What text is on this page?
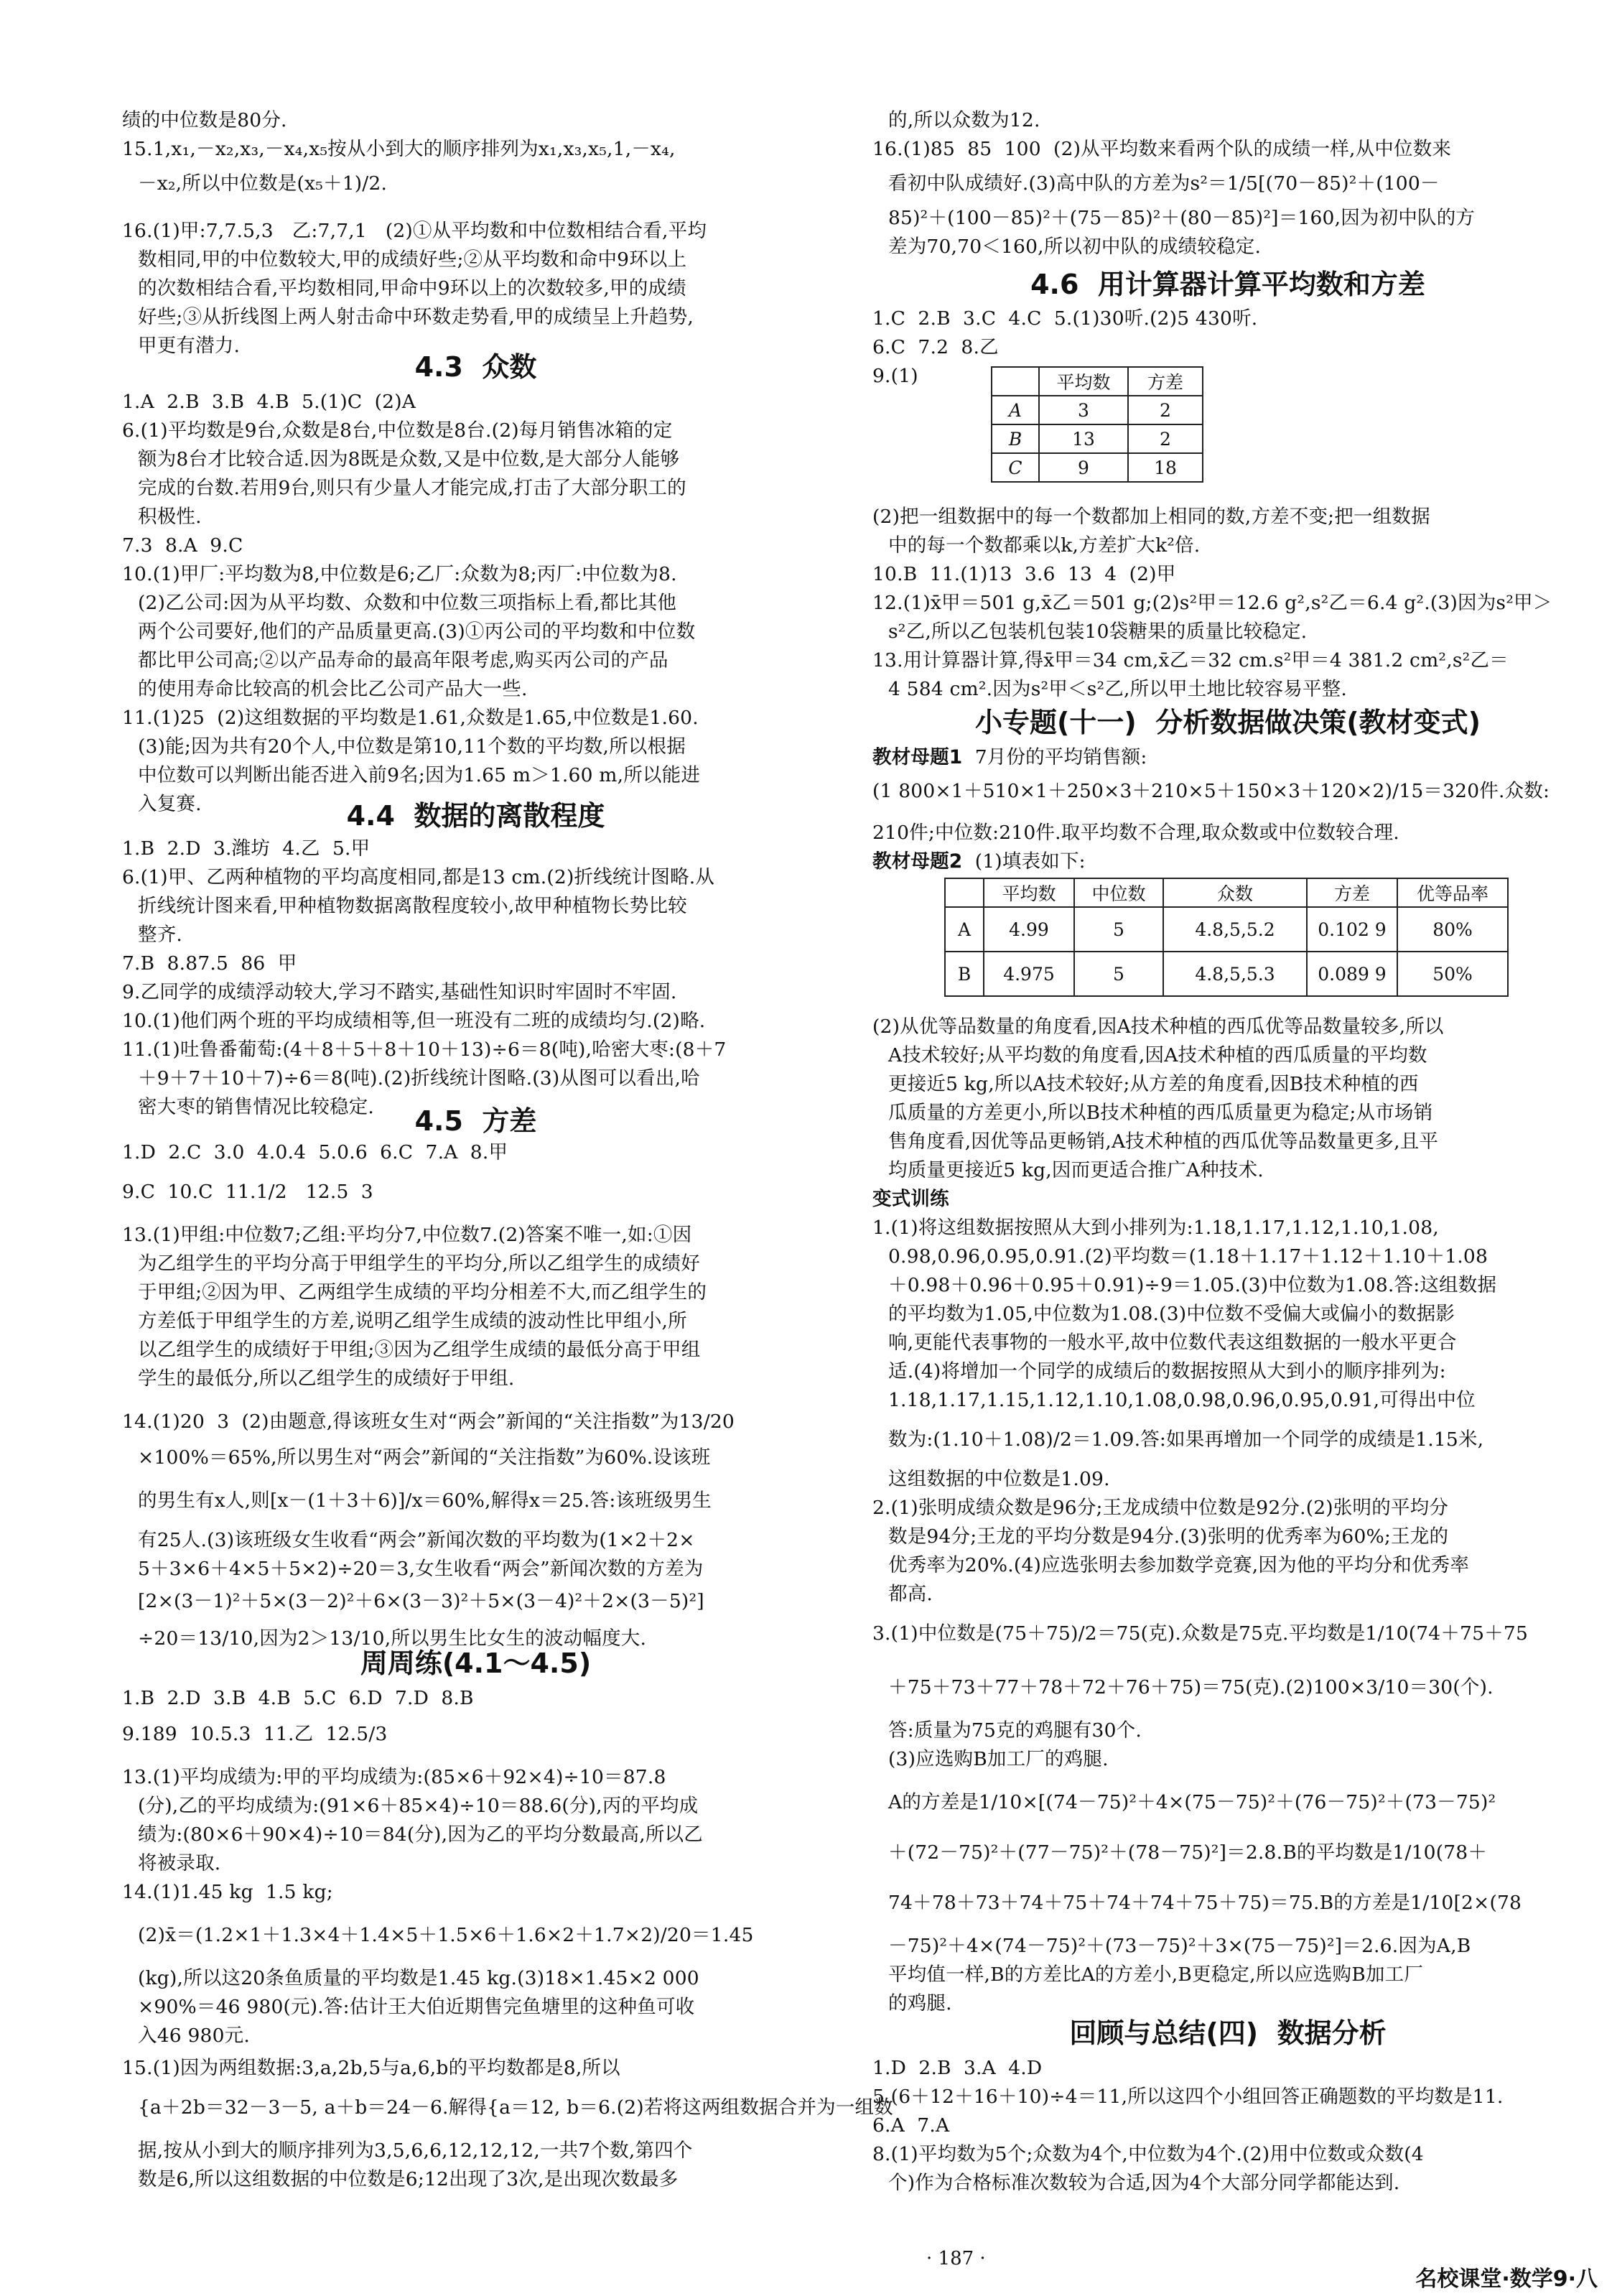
绩的中位数是80分.
15.1,x₁,－x₂,x₃,－x₄,x₅按从小到大的顺序排列为x₁,x₃,x₅,1,－x₄,
－x₂,所以中位数是(x₅＋1)/2.
16.(1)甲:7,7.5,3   乙:7,7,1   (2)①从平均数和中位数相结合看,平均
数相同,甲的中位数较大,甲的成绩好些;②从平均数和命中9环以上
的次数相结合看,平均数相同,甲命中9环以上的次数较多,甲的成绩
好些;③从折线图上两人射击命中环数走势看,甲的成绩呈上升趋势,
甲更有潜力.
4.3  众数
1.A  2.B  3.B  4.B  5.(1)C  (2)A
6.(1)平均数是9台,众数是8台,中位数是8台.(2)每月销售冰箱的定
额为8台才比较合适.因为8既是众数,又是中位数,是大部分人能够
完成的台数.若用9台,则只有少量人才能完成,打击了大部分职工的
积极性.
7.3  8.A  9.C
10.(1)甲厂:平均数为8,中位数是6;乙厂:众数为8;丙厂:中位数为8.
(2)乙公司:因为从平均数、众数和中位数三项指标上看,都比其他
两个公司要好,他们的产品质量更高.(3)①丙公司的平均数和中位数
都比甲公司高;②以产品寿命的最高年限考虑,购买丙公司的产品
的使用寿命比较高的机会比乙公司产品大一些.
11.(1)25  (2)这组数据的平均数是1.61,众数是1.65,中位数是1.60.
(3)能;因为共有20个人,中位数是第10,11个数的平均数,所以根据
中位数可以判断出能否进入前9名;因为1.65 m＞1.60 m,所以能进
入复赛.	4.4  数据的离散程度
1.B  2.D  3.潍坊  4.乙  5.甲
6.(1)甲、乙两种植物的平均高度相同,都是13 cm.(2)折线统计图略.从
折线统计图来看,甲种植物数据离散程度较小,故甲种植物长势比较
整齐.
7.B  8.87.5  86  甲
9.乙同学的成绩浮动较大,学习不踏实,基础性知识时牢固时不牢固.
10.(1)他们两个班的平均成绩相等,但一班没有二班的成绩均匀.(2)略.
11.(1)吐鲁番葡萄:(4＋8＋5＋8＋10＋13)÷6＝8(吨),哈密大枣:(8＋7
＋9＋7＋10＋7)÷6＝8(吨).(2)折线统计图略.(3)从图可以看出,哈
密大枣的销售情况比较稳定.	4.5  方差
1.D  2.C  3.0  4.0.4  5.0.6  6.C  7.A  8.甲
9.C  10.C  11.1/2   12.5  3
13.(1)甲组:中位数7;乙组:平均分7,中位数7.(2)答案不唯一,如:①因
为乙组学生的平均分高于甲组学生的平均分,所以乙组学生的成绩好
于甲组;②因为甲、乙两组学生成绩的平均分相差不大,而乙组学生的
方差低于甲组学生的方差,说明乙组学生成绩的波动性比甲组小,所
以乙组学生的成绩好于甲组;③因为乙组学生成绩的最低分高于甲组
学生的最低分,所以乙组学生的成绩好于甲组.
14.(1)20  3  (2)由题意,得该班女生对“两会”新闻的“关注指数”为13/20
×100%＝65%,所以男生对“两会”新闻的“关注指数”为60%.设该班
的男生有x人,则[x－(1＋3＋6)]/x＝60%,解得x＝25.答:该班级男生
有25人.(3)该班级女生收看“两会”新闻次数的平均数为(1×2＋2×
5＋3×6＋4×5＋5×2)÷20＝3,女生收看“两会”新闻次数的方差为
[2×(3－1)²＋5×(3－2)²＋6×(3－3)²＋5×(3－4)²＋2×(3－5)²]
÷20＝13/10,因为2＞13/10,所以男生比女生的波动幅度大.
周周练(4.1～4.5)
1.B  2.D  3.B  4.B  5.C  6.D  7.D  8.B
9.189  10.5.3  11.乙  12.5/3
13.(1)平均成绩为:甲的平均成绩为:(85×6＋92×4)÷10＝87.8
(分),乙的平均成绩为:(91×6＋85×4)÷10＝88.6(分),丙的平均成
绩为:(80×6＋90×4)÷10＝84(分),因为乙的平均分数最高,所以乙
将被录取.
14.(1)1.45 kg  1.5 kg;
(2)x̄＝(1.2×1＋1.3×4＋1.4×5＋1.5×6＋1.6×2＋1.7×2)/20＝1.45
(kg),所以这20条鱼质量的平均数是1.45 kg.(3)18×1.45×2 000
×90%＝46 980(元).答:估计王大伯近期售完鱼塘里的这种鱼可收
入46 980元.
15.(1)因为两组数据:3,a,2b,5与a,6,b的平均数都是8,所以
{a＋2b＝32－3－5, a＋b＝24－6.解得{a＝12, b＝6.(2)若将这两组数据合并为一组数
据,按从小到大的顺序排列为3,5,6,6,12,12,12,一共7个数,第四个
数是6,所以这组数据的中位数是6;12出现了3次,是出现次数最多
的,所以众数为12.
16.(1)85  85  100  (2)从平均数来看两个队的成绩一样,从中位数来
看初中队成绩好.(3)高中队的方差为s²＝1/5[(70－85)²＋(100－
85)²＋(100－85)²＋(75－85)²＋(80－85)²]＝160,因为初中队的方
差为70,70＜160,所以初中队的成绩较稳定.
4.6  用计算器计算平均数和方差
1.C  2.B  3.C  4.C  5.(1)30听.(2)5 430听.
6.C  7.2  8.乙
9.(1)
		平均数	方差
A	3	2
B	13	2
C	9	18
(2)把一组数据中的每一个数都加上相同的数,方差不变;把一组数据
中的每一个数都乘以k,方差扩大k²倍.
10.B  11.(1)13  3.6  13  4  (2)甲
12.(1)x̄甲＝501 g,x̄乙＝501 g;(2)s²甲＝12.6 g²,s²乙＝6.4 g².(3)因为s²甲＞
s²乙,所以乙包装机包装10袋糖果的质量比较稳定.
13.用计算器计算,得x̄甲＝34 cm,x̄乙＝32 cm.s²甲＝4 381.2 cm²,s²乙＝
4 584 cm².因为s²甲＜s²乙,所以甲土地比较容易平整.
小专题(十一)  分析数据做决策(教材变式)
教材母题1  7月份的平均销售额:
(1 800×1＋510×1＋250×3＋210×5＋150×3＋120×2)/15＝320件.众数:
210件;中位数:210件.取平均数不合理,取众数或中位数较合理.
教材母题2  (1)填表如下:
	平均数	中位数	众数	方差	优等品率
A	4.99	5	4.8,5,5.2	0.102 9	80%
B	4.975	5	4.8,5,5.3	0.089 9	50%
(2)从优等品数量的角度看,因A技术种植的西瓜优等品数量较多,所以
A技术较好;从平均数的角度看,因A技术种植的西瓜质量的平均数
更接近5 kg,所以A技术较好;从方差的角度看,因B技术种植的西
瓜质量的方差更小,所以B技术种植的西瓜质量更为稳定;从市场销
售角度看,因优等品更畅销,A技术种植的西瓜优等品数量更多,且平
均质量更接近5 kg,因而更适合推广A种技术.
变式训练
1.(1)将这组数据按照从大到小排列为:1.18,1.17,1.12,1.10,1.08,
0.98,0.96,0.95,0.91.(2)平均数＝(1.18＋1.17＋1.12＋1.10＋1.08
＋0.98＋0.96＋0.95＋0.91)÷9＝1.05.(3)中位数为1.08.答:这组数据
的平均数为1.05,中位数为1.08.(3)中位数不受偏大或偏小的数据影
响,更能代表事物的一般水平,故中位数代表这组数据的一般水平更合
适.(4)将增加一个同学的成绩后的数据按照从大到小的顺序排列为:
1.18,1.17,1.15,1.12,1.10,1.08,0.98,0.96,0.95,0.91,可得出中位
数为:(1.10＋1.08)/2＝1.09.答:如果再增加一个同学的成绩是1.15米,
这组数据的中位数是1.09.
2.(1)张明成绩众数是96分;王龙成绩中位数是92分.(2)张明的平均分
数是94分;王龙的平均分数是94分.(3)张明的优秀率为60%;王龙的
优秀率为20%.(4)应选张明去参加数学竞赛,因为他的平均分和优秀率
都高.
3.(1)中位数是(75＋75)/2＝75(克).众数是75克.平均数是1/10(74＋75＋75
＋75＋73＋77＋78＋72＋76＋75)＝75(克).(2)100×3/10＝30(个).
答:质量为75克的鸡腿有30个.
(3)应选购B加工厂的鸡腿.
A的方差是1/10×[(74－75)²＋4×(75－75)²＋(76－75)²＋(73－75)²
＋(72－75)²＋(77－75)²＋(78－75)²]＝2.8.B的平均数是1/10(78＋
74＋78＋73＋74＋75＋74＋74＋75＋75)＝75.B的方差是1/10[2×(78
－75)²＋4×(74－75)²＋(73－75)²＋3×(75－75)²]＝2.6.因为A,B
平均值一样,B的方差比A的方差小,B更稳定,所以应选购B加工厂
的鸡腿.
回顾与总结(四)  数据分析
1.D  2.B  3.A  4.D
5.(6＋12＋16＋10)÷4＝11,所以这四个小组回答正确题数的平均数是11.
6.A  7.A
8.(1)平均数为5个;众数为4个,中位数为4个.(2)用中位数或众数(4
个)作为合格标准次数较为合适,因为4个大部分同学都能达到.
· 187 ·
名校课堂·数学9·八
